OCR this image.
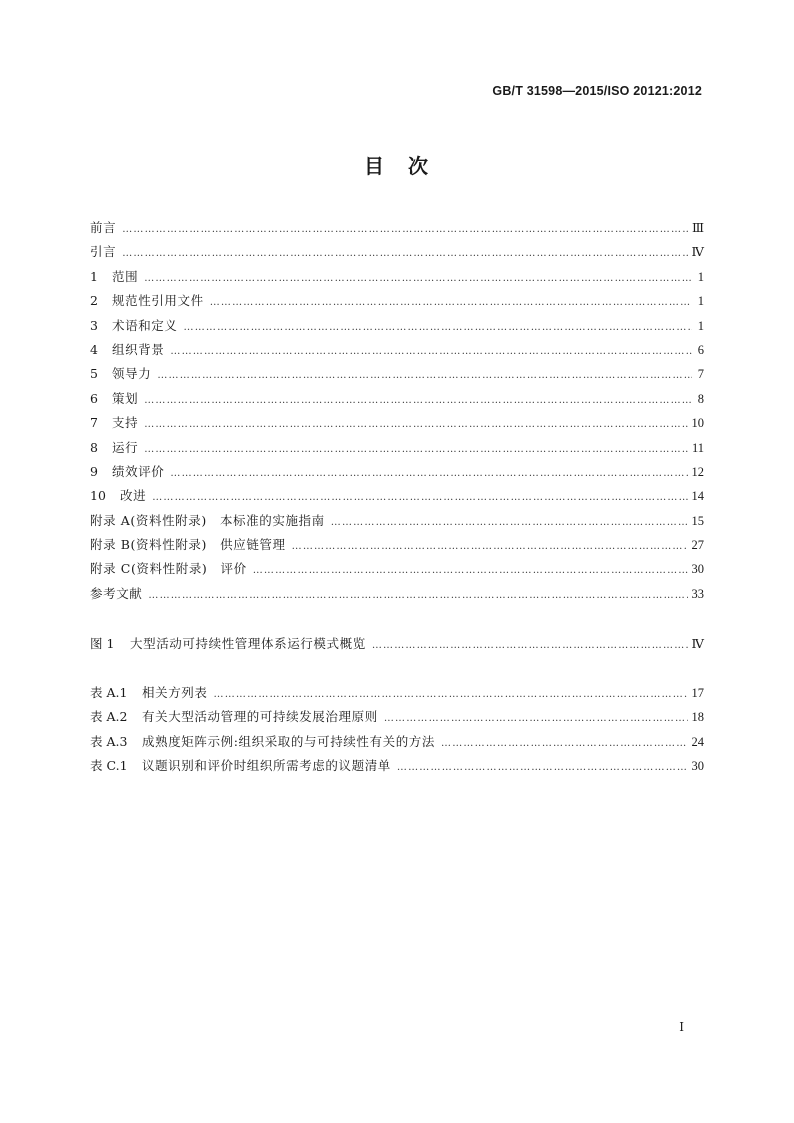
GB/T 31598—2015/ISO 20121:2012
目　次
前言 …………………………………………………………………………………………………………………………………………………………………………………………………………………………………………	Ⅲ
引言 …………………………………………………………………………………………………………………………………………………………………………………………………………………………………………	Ⅳ
1	范围 …………………………………………………………………………………………………………………………………………………………………………………………………………………………………………	1
2	规范性引用文件 …………………………………………………………………………………………………………………………………………………………………………………………………………………………………………	1
3	术语和定义 …………………………………………………………………………………………………………………………………………………………………………………………………………………………………………	1
4	组织背景 …………………………………………………………………………………………………………………………………………………………………………………………………………………………………………	6
5	领导力 …………………………………………………………………………………………………………………………………………………………………………………………………………………………………………	7
6	策划 …………………………………………………………………………………………………………………………………………………………………………………………………………………………………………	8
7	支持 …………………………………………………………………………………………………………………………………………………………………………………………………………………………………………	10
8	运行 …………………………………………………………………………………………………………………………………………………………………………………………………………………………………………	11
9	绩效评价 …………………………………………………………………………………………………………………………………………………………………………………………………………………………………………	12
10	改进 …………………………………………………………………………………………………………………………………………………………………………………………………………………………………………	14
附录 A(资料性附录)　本标准的实施指南 …………………………………………………………………………………………………………………………………………………………………………………………………………………………………………	15
附录 B(资料性附录)　供应链管理 …………………………………………………………………………………………………………………………………………………………………………………………………………………………………………	27
附录 C(资料性附录)　评价 …………………………………………………………………………………………………………………………………………………………………………………………………………………………………………	30
参考文献 …………………………………………………………………………………………………………………………………………………………………………………………………………………………………………	33
图 1	大型活动可持续性管理体系运行模式概览 …………………………………………………………………………………………………………………………………………………………………………………………………………………………………………	Ⅳ
表 A.1	相关方列表 …………………………………………………………………………………………………………………………………………………………………………………………………………………………………………	17
表 A.2	有关大型活动管理的可持续发展治理原则 …………………………………………………………………………………………………………………………………………………………………………………………………………………………………………	18
表 A.3	成熟度矩阵示例:组织采取的与可持续性有关的方法 …………………………………………………………………………………………………………………………………………………………………………………………………………………………………………	24
表 C.1	议题识别和评价时组织所需考虑的议题清单 …………………………………………………………………………………………………………………………………………………………………………………………………………………………………………	30
Ⅰ
